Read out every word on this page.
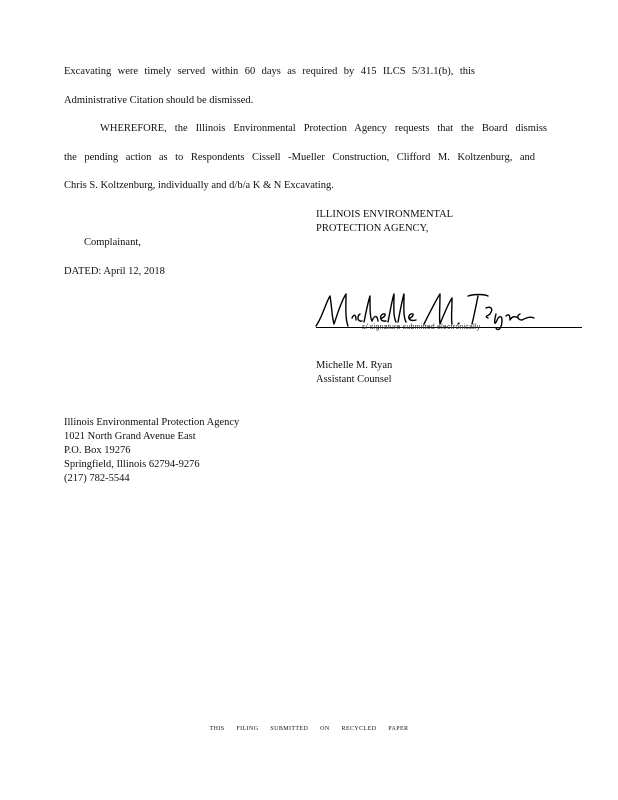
Excavating were timely served within 60 days as required by 415 ILCS 5/31.1(b), this
Administrative Citation should be dismissed.
WHEREFORE, the Illinois Environmental Protection Agency requests that the Board dismiss
the pending action as to Respondents Cissell -Mueller Construction, Clifford M. Koltzenburg, and
Chris S. Koltzenburg, individually and d/b/a K & N Excavating.
ILLINOIS ENVIRONMENTAL
PROTECTION AGENCY,
Complainant,
DATED: April 12, 2018
s/ signature submitted electronically
Michelle M. Ryan
Assistant Counsel
Illinois Environmental Protection Agency
1021 North Grand Avenue East
P.O. Box 19276
Springfield, Illinois 62794-9276
(217) 782-5544
THIS FILING SUBMITTED ON RECYCLED PAPER
